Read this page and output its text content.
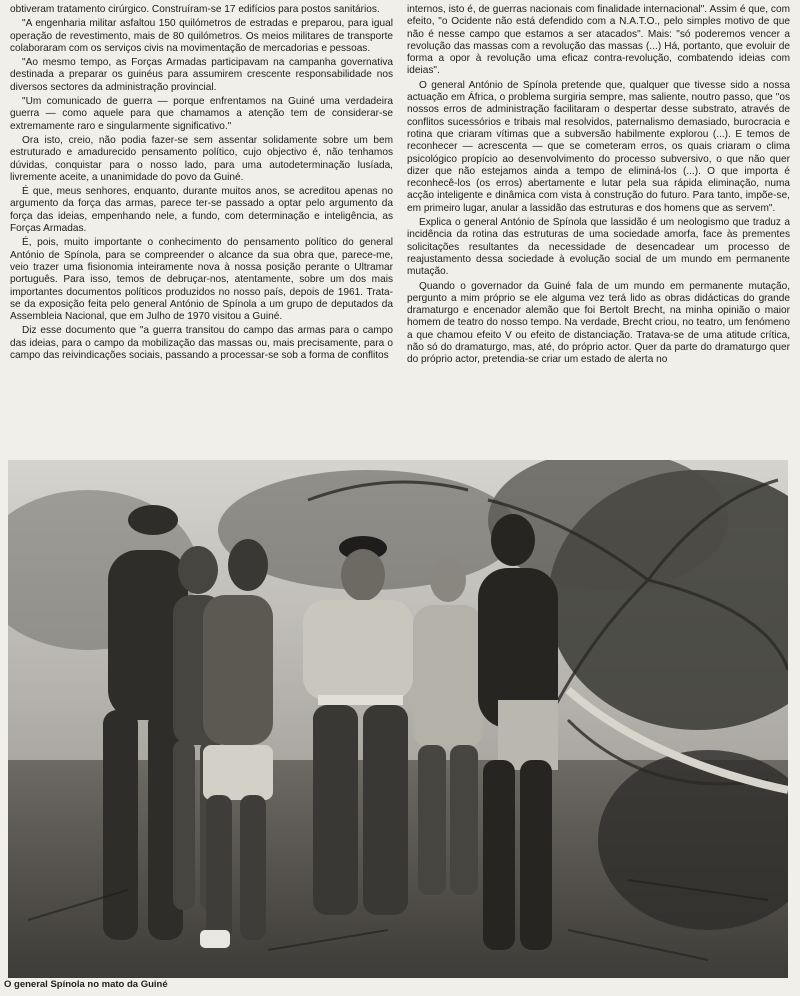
obtiveram tratamento cirúrgico. Construíram-se 17 edifícios para postos sanitários.

"A engenharia militar asfaltou 150 quilómetros de estradas e preparou, para igual operação de revestimento, mais de 80 quilómetros. Os meios militares de transporte colaboraram com os serviços civis na movimentação de mercadorias e pessoas.

"Ao mesmo tempo, as Forças Armadas participavam na campanha governativa destinada a preparar os guinéus para assumirem crescente responsabilidade nos diversos sectores da administração provincial.

"Um comunicado de guerra — porque enfrentamos na Guiné uma verdadeira guerra — como aquele para que chamamos a atenção tem de considerar-se extremamente raro e singularmente significativo."

Ora isto, creio, não podia fazer-se sem assentar solidamente sobre um bem estruturado e amadurecido pensamento político, cujo objectivo é, não tenhamos dúvidas, conquistar para o nosso lado, para uma autodeterminação lusíada, livremente aceite, a unanimidade do povo da Guiné.

É que, meus senhores, enquanto, durante muitos anos, se acreditou apenas no argumento da força das armas, parece ter-se passado a optar pelo argumento da força das ideias, empenhando nele, a fundo, com determinação e inteligência, as Forças Armadas.

É, pois, muito importante o conhecimento do pensamento político do general António de Spínola, para se compreender o alcance da sua obra que, parece-me, veio trazer uma fisionomia inteiramente nova à nossa posição perante o Ultramar português. Para isso, temos de debruçar-nos, atentamente, sobre um dos mais importantes documentos políticos produzidos no nosso país, depois de 1961. Trata-se da exposição feita pelo general António de Spínola a um grupo de deputados da Assembleia Nacional, que em Julho de 1970 visitou a Guiné.

Diz esse documento que "a guerra transitou do campo das armas para o campo das ideias, para o campo da mobilização das massas ou, mais precisamente, para o campo das reivindicações sociais, passando a processar-se sob a forma de conflitos

internos, isto é, de guerras nacionais com finalidade internacional". Assim é que, com efeito, "o Ocidente não está defendido com a N.A.T.O., pelo simples motivo de que não é nesse campo que estamos a ser atacados". Mais: "só poderemos vencer a revolução das massas com a revolução das massas (...) Há, portanto, que evoluir de forma a opor à revolução uma eficaz contra-revolução, combatendo ideias com ideias".

O general António de Spínola pretende que, qualquer que tivesse sido a nossa actuação em África, o problema surgiria sempre, mas saliente, noutro passo, que "os nossos erros de administração facilitaram o despertar desse substrato, através de conflitos sucessórios e tribais mal resolvidos, paternalismo demasiado, burocracia e rotina que criaram vítimas que a subversão habilmente explorou (...). E temos de reconhecer — acrescenta — que se cometeram erros, os quais criaram o clima psicológico propício ao desenvolvimento do processo subversivo, o que não quer dizer que não estejamos ainda a tempo de eliminá-los (...). O que importa é reconhecê-los (os erros) abertamente e lutar pela sua rápida eliminação, numa acção inteligente e dinâmica com vista à construção do futuro. Para tanto, impõe-se, em primeiro lugar, anular a lassidão das estruturas e dos homens que as servem".

Explica o general António de Spínola que lassidão é um neologismo que traduz a incidência da rotina das estruturas de uma sociedade amorfa, face às prementes solicitações resultantes da necessidade de desencadear um processo de reajustamento dessa sociedade à evolução social de um mundo em permanente mutação.

Quando o governador da Guiné fala de um mundo em permanente mutação, pergunto a mim próprio se ele alguma vez terá lido as obras didácticas do grande dramaturgo e encenador alemão que foi Bertolt Brecht, na minha opinião o maior homem de teatro do nosso tempo. Na verdade, Brecht criou, no teatro, um fenómeno a que chamou efeito V ou efeito de distanciação. Tratava-se de uma atitude crítica, não só do dramaturgo, mas, até, do próprio actor. Quer da parte do dramaturgo quer do próprio actor, pretendia-se criar um estado de alerta no

O general Spínola no mato da Guiné
